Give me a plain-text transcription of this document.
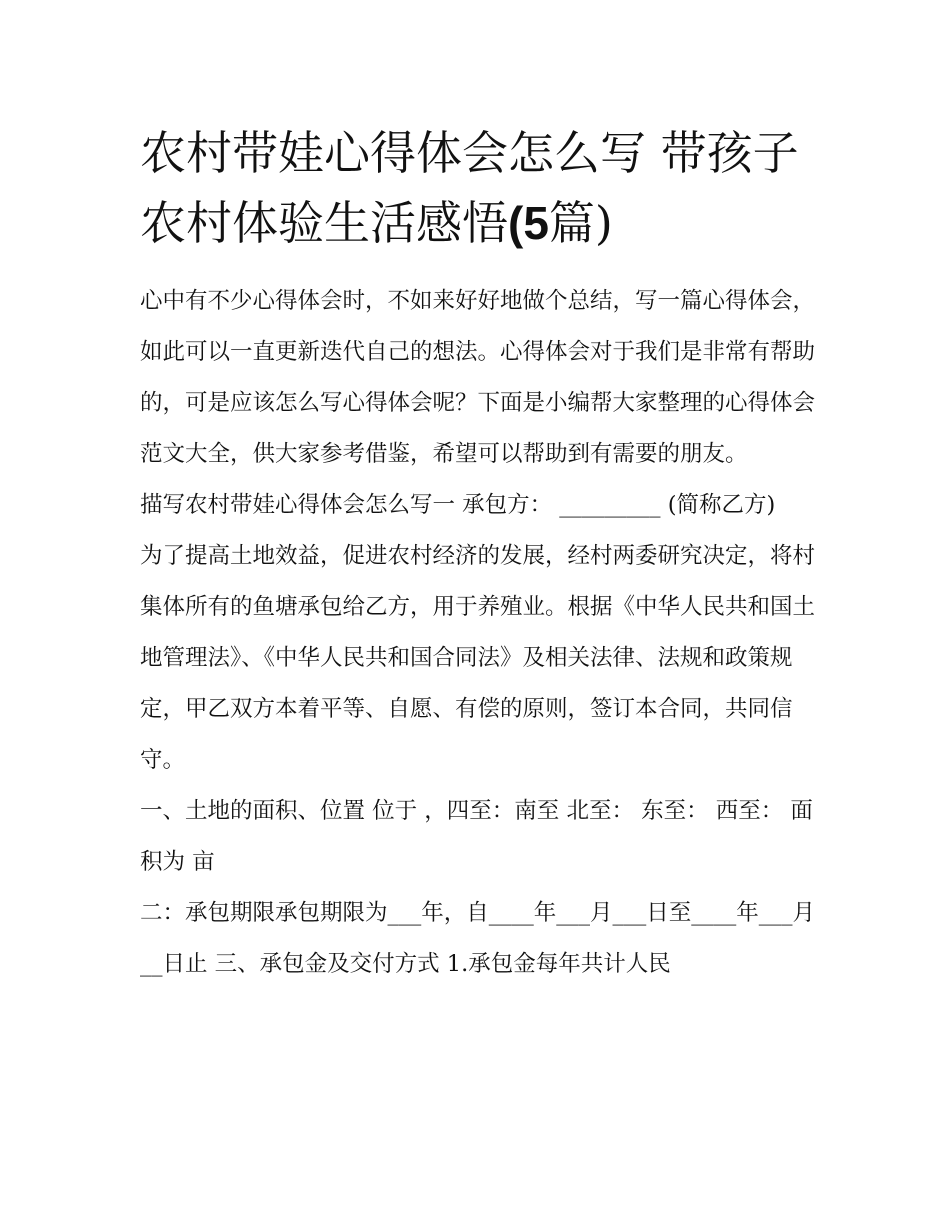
农村带娃心得体会怎么写 带孩子农村体验生活感悟(5篇)

心中有不少心得体会时，不如来好好地做个总结，写一篇心得体会，如此可以一直更新迭代自己的想法。心得体会对于我们是非常有帮助的，可是应该怎么写心得体会呢？下面是小编帮大家整理的心得体会范文大全，供大家参考借鉴，希望可以帮助到有需要的朋友。

描写农村带娃心得体会怎么写一 承包方： _________ (简称乙方)

为了提高土地效益，促进农村经济的发展，经村两委研究决定，将村集体所有的鱼塘承包给乙方，用于养殖业。根据《中华人民共和国土地管理法》、《中华人民共和国合同法》及相关法律、法规和政策规定，甲乙双方本着平等、自愿、有偿的原则，签订本合同，共同信守。

一、土地的面积、位置 位于 ，四至：南至 北至： 东至： 西至： 面积为 亩

二：承包期限承包期限为___年，自____年___月___日至____年___月__日止 三、承包金及交付方式 1.承包金每年共计人民
